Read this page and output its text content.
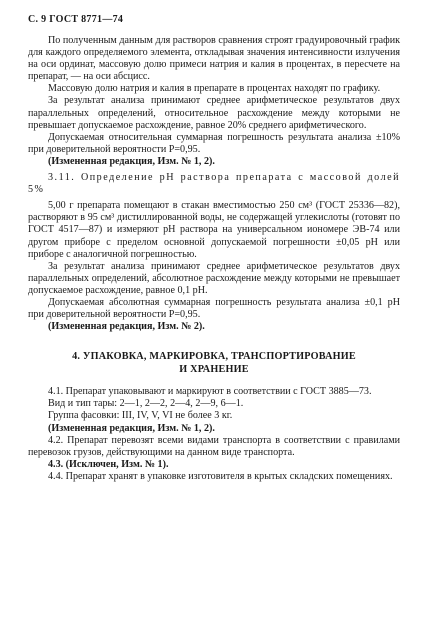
С. 9 ГОСТ 8771—74

По полученным данным для растворов сравнения строят градуировочный график для каждого определяемого элемента, откладывая значения интенсивности излучения на оси ординат, массовую долю примеси натрия и калия в процентах, в пересчете на препарат, — на оси абсцисс.

Массовую долю натрия и калия в препарате в процентах находят по графику.

За результат анализа принимают среднее арифметическое результатов двух параллельных определений, относительное расхождение между которыми не превышает допускаемое расхождение, равное 20% среднего арифметического.

Допускаемая относительная суммарная погрешность результата анализа ±10% при доверительной вероятности P=0,95.

(Измененная редакция, Изм. № 1, 2).

3.11. Определение pH раствора препарата с массовой долей 5%

5,00 г препарата помещают в стакан вместимостью 250 см³ (ГОСТ 25336—82), растворяют в 95 см³ дистиллированной воды, не содержащей углекислоты (готовят по ГОСТ 4517—87) и измеряют pH раствора на универсальном иономере ЭВ-74 или другом приборе с пределом основной допускаемой погрешности ±0,05 pH или приборе с аналогичной погрешностью.

За результат анализа принимают среднее арифметическое результатов двух параллельных определений, абсолютное расхождение между которыми не превышает допускаемое расхождение, равное 0,1 pH.

Допускаемая абсолютная суммарная погрешность результата анализа ±0,1 pH при доверительной вероятности P=0,95.

(Измененная редакция, Изм. № 2).

4. УПАКОВКА, МАРКИРОВКА, ТРАНСПОРТИРОВАНИЕ
И ХРАНЕНИЕ

4.1. Препарат упаковывают и маркируют в соответствии с ГОСТ 3885—73.

Вид и тип тары: 2—1, 2—2, 2—4, 2—9, 6—1.

Группа фасовки: III, IV, V, VI не более 3 кг.

(Измененная редакция, Изм. № 1, 2).

4.2. Препарат перевозят всеми видами транспорта в соответствии с правилами перевозок грузов, действующими на данном виде транспорта.

4.3. (Исключен, Изм. № 1).

4.4. Препарат хранят в упаковке изготовителя в крытых складских помещениях.
